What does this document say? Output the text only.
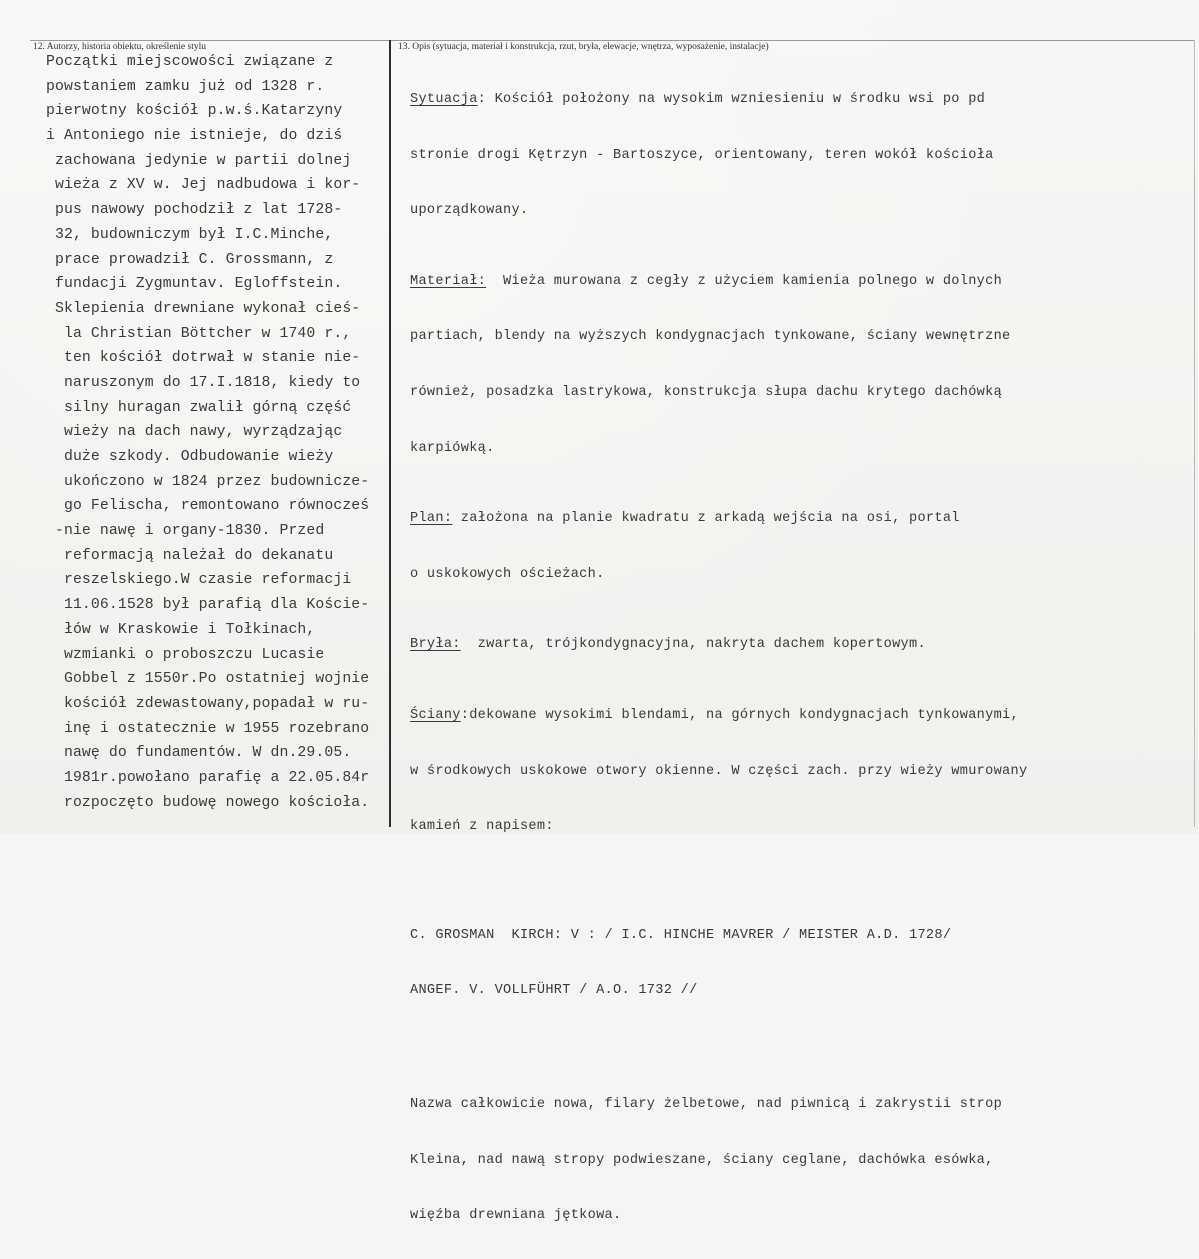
12. Autorzy, historia obiektu, określenie stylu	13. Opis (sytuacja, materiał i konstrukcja, rzut, bryła, elewacje, wnętrza, wyposażenie, instalacje)
Początki miejscowości związane z
powstaniem zamku już od 1328 r.
pierwotny kościół p.w.ś.Katarzyny
i Antoniego nie istnieje, do dziś
zachowana jedynie w partii dolnej
wieża z XV w. Jej nadbudowa i kor-
pus nawowy pochodził z lat 1728-
32, budowniczym był I.C.Minche,
prace prowadził C. Grossmann, z
fundacji Zygmuntav. Egloffstein.
Sklepienia drewniane wykonał cieś-
la Christian Böttcher w 1740 r.,
ten kościół dotrwał w stanie nie-
naruszonym do 17.I.1818, kiedy to
silny huragan zwalił górną część
wieży na dach nawy, wyrządzając
duże szkody. Odbudowanie wieży
ukończono w 1824 przez budownicze-
go Felischa, remontowano równocześ
-nie nawę i organy-1830. Przed
reformacją należał do dekanatu
reszelskiego.W czasie reformacji
11.06.1528 był parafią dla Koście-
łów w Kraskowie i Tołkinach,
wzmianki o proboszczu Lucasie
Gobbel z 1550r.Po ostatniej wojnie
kościół zdewastowany,popadał w ru-
inę i ostatecznie w 1955 rozebrano
nawę do fundamentów. W dn.29.05.
1981r.powołano parafię a 22.05.84r
rozpoczęto budowę nowego kościoła.

Sytuacja: Kościół położony na wysokim wzniesieniu w środku wsi po pd

stronie drogi Kętrzyn - Bartoszyce, orientowany, teren wokół kościoła

uporządkowany.

Materiał:  Wieża murowana z cegły z użyciem kamienia polnego w dolnych

partiach, blendy na wyższych kondygnacjach tynkowane, ściany wewnętrzne

również, posadzka lastrykowa, konstrukcja słupa dachu krytego dachówką

karpiówką.

Plan: założona na planie kwadratu z arkadą wejścia na osi, portal

o uskokowych ościeżach.

Bryła:  zwarta, trójkondygnacyjna, nakryta dachem kopertowym.

Ściany:dekowane wysokimi blendami, na górnych kondygnacjach tynkowanymi,

w środkowych uskokowe otwory okienne. W części zach. przy wieży wmurowany

kamień z napisem:

C. GROSMAN  KIRCH: V : / I.C. HINCHE MAVRER / MEISTER A.D. 1728/

ANGEF. V. VOLLFÜHRT / A.O. 1732 //

Nazwa całkowicie nowa, filary żelbetowe, nad piwnicą i zakrystii strop

Kleina, nad nawą stropy podwieszane, ściany ceglane, dachówka esówka,

więźba drewniana jętkowa.
